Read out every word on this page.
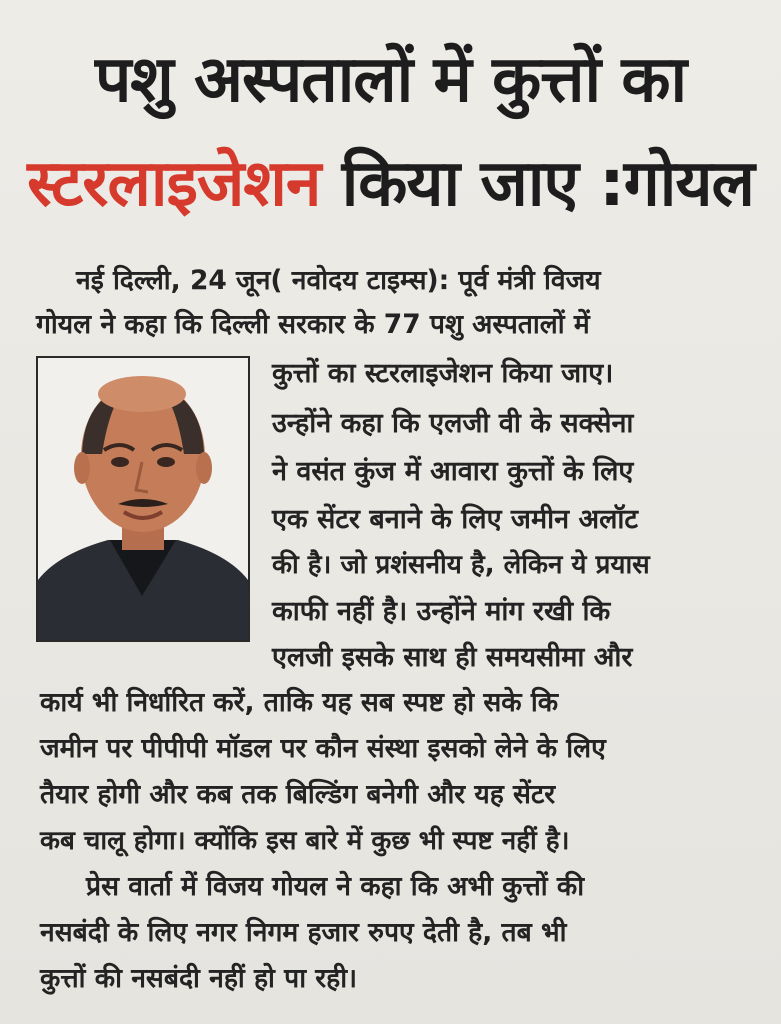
पशु अस्पतालों में कुत्तों का
स्टरलाइजेशन किया जाए :गोयल
नई दिल्ली, 24 जून( नवोदय टाइम्स): पूर्व मंत्री विजय
गोयल ने कहा कि दिल्ली सरकार के 77 पशु अस्पतालों में
कुत्तों का स्टरलाइजेशन किया जाए।
उन्होंने कहा कि एलजी वी के सक्सेना
ने वसंत कुंज में आवारा कुत्तों के लिए
एक सेंटर बनाने के लिए जमीन अलॉट
की है। जो प्रशंसनीय है, लेकिन ये प्रयास
काफी नहीं है। उन्होंने मांग रखी कि
एलजी इसके साथ ही समयसीमा और
कार्य भी निर्धारित करें, ताकि यह सब स्पष्ट हो सके कि
जमीन पर पीपीपी मॉडल पर कौन संस्था इसको लेने के लिए
तैयार होगी और कब तक बिल्डिंग बनेगी और यह सेंटर
कब चालू होगा। क्योंकि इस बारे में कुछ भी स्पष्ट नहीं है।
प्रेस वार्ता में विजय गोयल ने कहा कि अभी कुत्तों की
नसबंदी के लिए नगर निगम हजार रुपए देती है, तब भी
कुत्तों की नसबंदी नहीं हो पा रही।
